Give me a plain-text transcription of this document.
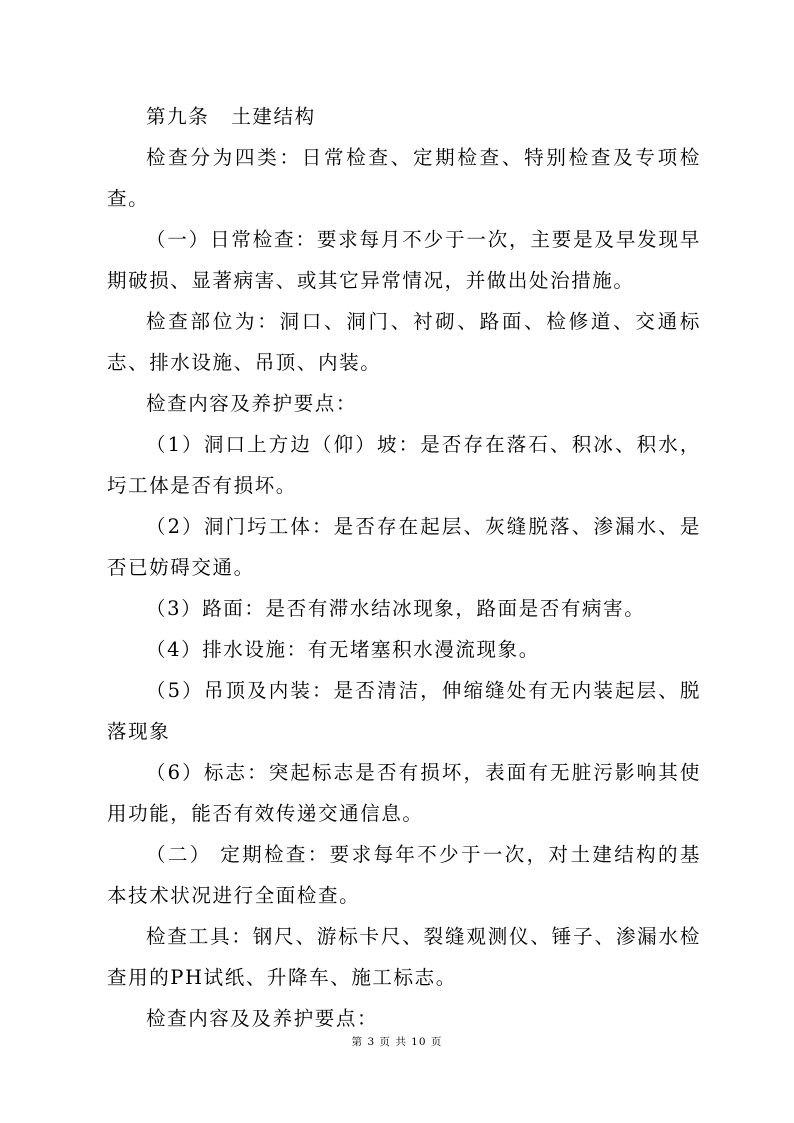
第九条 土建结构

检查分为四类：日常检查、定期检查、特别检查及专项检查。

（一）日常检查：要求每月不少于一次，主要是及早发现早期破损、显著病害、或其它异常情况，并做出处治措施。

检查部位为：洞口、洞门、衬砌、路面、检修道、交通标志、排水设施、吊顶、内装。

检查内容及养护要点：

（1）洞口上方边（仰）坡：是否存在落石、积冰、积水，圬工体是否有损坏。

（2）洞门圬工体：是否存在起层、灰缝脱落、渗漏水、是否已妨碍交通。

（3）路面：是否有滞水结冰现象，路面是否有病害。

（4）排水设施：有无堵塞积水漫流现象。

（5）吊顶及内装：是否清洁，伸缩缝处有无内装起层、脱落现象

（6）标志：突起标志是否有损坏，表面有无脏污影响其使用功能，能否有效传递交通信息。

（二） 定期检查：要求每年不少于一次，对土建结构的基本技术状况进行全面检查。

检查工具：钢尺、游标卡尺、裂缝观测仪、锤子、渗漏水检查用的PH试纸、升降车、施工标志。

检查内容及及养护要点：

第 3 页 共 10 页
